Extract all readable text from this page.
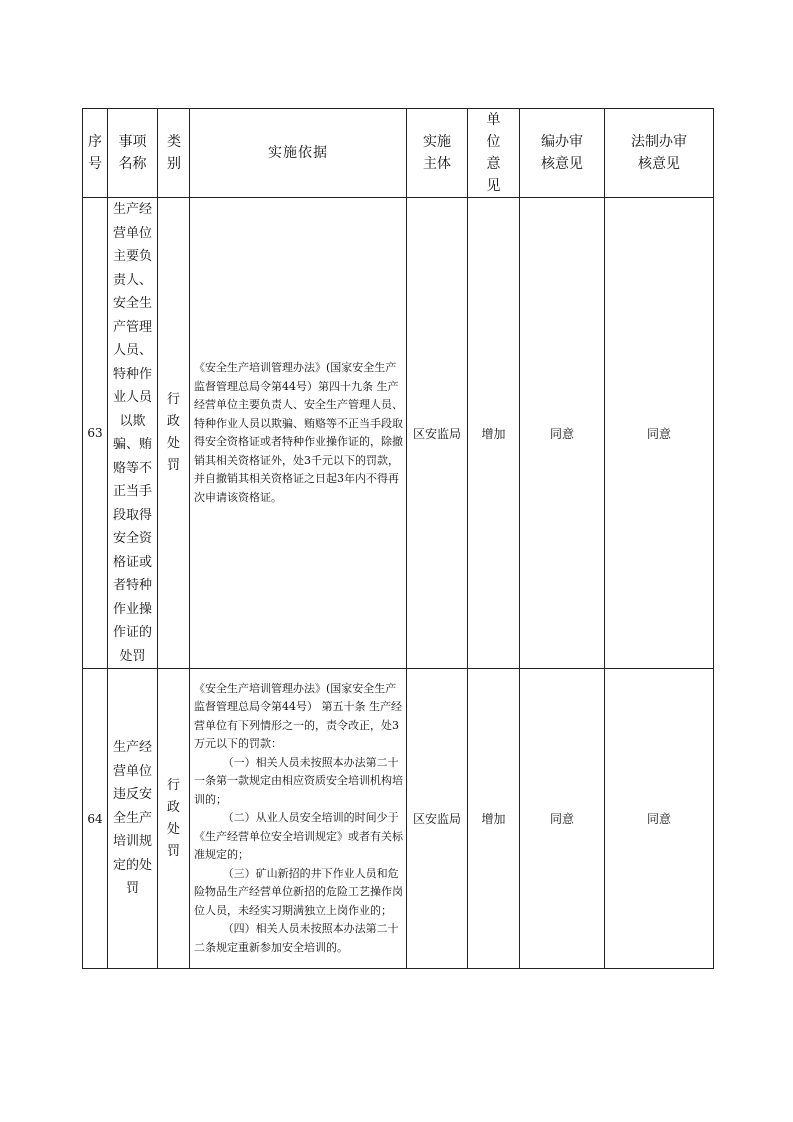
序号	事项名称	类别	实施依据	实施主体	单位意见	编办审核意见	法制办审核意见
63	生产经营单位主要负责人、安全生产管理人员、特种作业人员以欺骗、贿赂等不正当手段取得安全资格证或者特种作业操作证的处罚	行政处罚	《安全生产培训管理办法》(国家安全生产监督管理总局令第44号）第四十九条 生产经营单位主要负责人、安全生产管理人员、特种作业人员以欺骗、贿赂等不正当手段取得安全资格证或者特种作业操作证的，除撤销其相关资格证外，处3千元以下的罚款，并自撤销其相关资格证之日起3年内不得再次申请该资格证。	区安监局	增加	同意	同意
64	生产经营单位违反安全生产培训规定的处罚	行政处罚	《安全生产培训管理办法》(国家安全生产监督管理总局令第44号） 第五十条 生产经营单位有下列情形之一的，责令改正，处3万元以下的罚款：

（一）相关人员未按照本办法第二十一条第一款规定由相应资质安全培训机构培训的；

（二）从业人员安全培训的时间少于《生产经营单位安全培训规定》或者有关标准规定的；

（三）矿山新招的井下作业人员和危险物品生产经营单位新招的危险工艺操作岗位人员，未经实习期满独立上岗作业的；

（四）相关人员未按照本办法第二十二条规定重新参加安全培训的。	区安监局	增加	同意	同意
